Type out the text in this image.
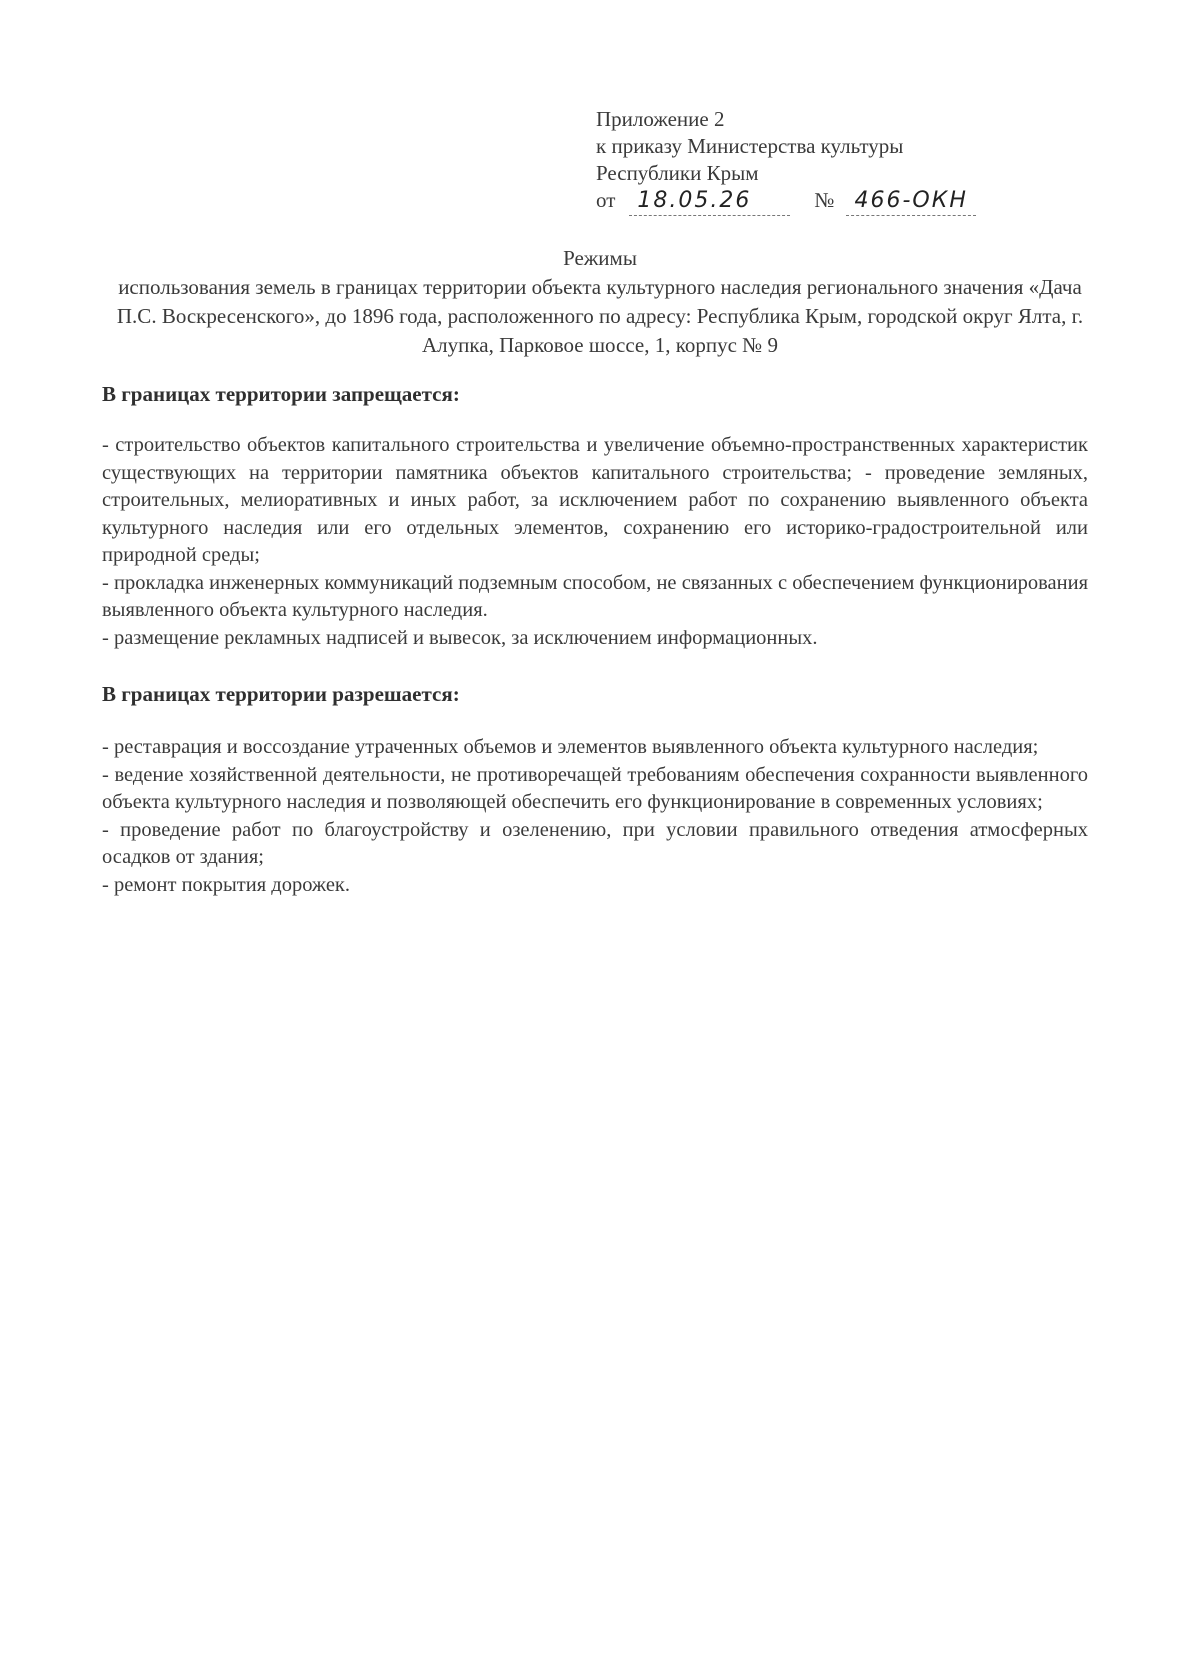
Приложение 2
к приказу Министерства культуры
Республики Крым
от	18.05.26	№ 466-ОКН
Режимы
использования земель в границах территории объекта культурного наследия регионального значения «Дача П.С. Воскресенского», до 1896 года, расположенного по адресу: Республика Крым, городской округ Ялта, г. Алупка, Парковое шоссе, 1, корпус № 9

В границах территории запрещается:

- строительство объектов капитального строительства и увеличение объемно-пространственных характеристик существующих на территории памятника объектов капитального строительства; - проведение земляных, строительных, мелиоративных и иных работ, за исключением работ по сохранению выявленного объекта культурного наследия или его отдельных элементов, сохранению его историко-градостроительной или природной среды;

- прокладка инженерных коммуникаций подземным способом, не связанных с обеспечением функционирования выявленного объекта культурного наследия.

- размещение рекламных надписей и вывесок, за исключением информационных.

В границах территории разрешается:

- реставрация и воссоздание утраченных объемов и элементов выявленного объекта культурного наследия;

- ведение хозяйственной деятельности, не противоречащей требованиям обеспечения сохранности выявленного объекта культурного наследия и позволяющей обеспечить его функционирование в современных условиях;

- проведение работ по благоустройству и озеленению, при условии правильного отведения атмосферных осадков от здания;

- ремонт покрытия дорожек.
